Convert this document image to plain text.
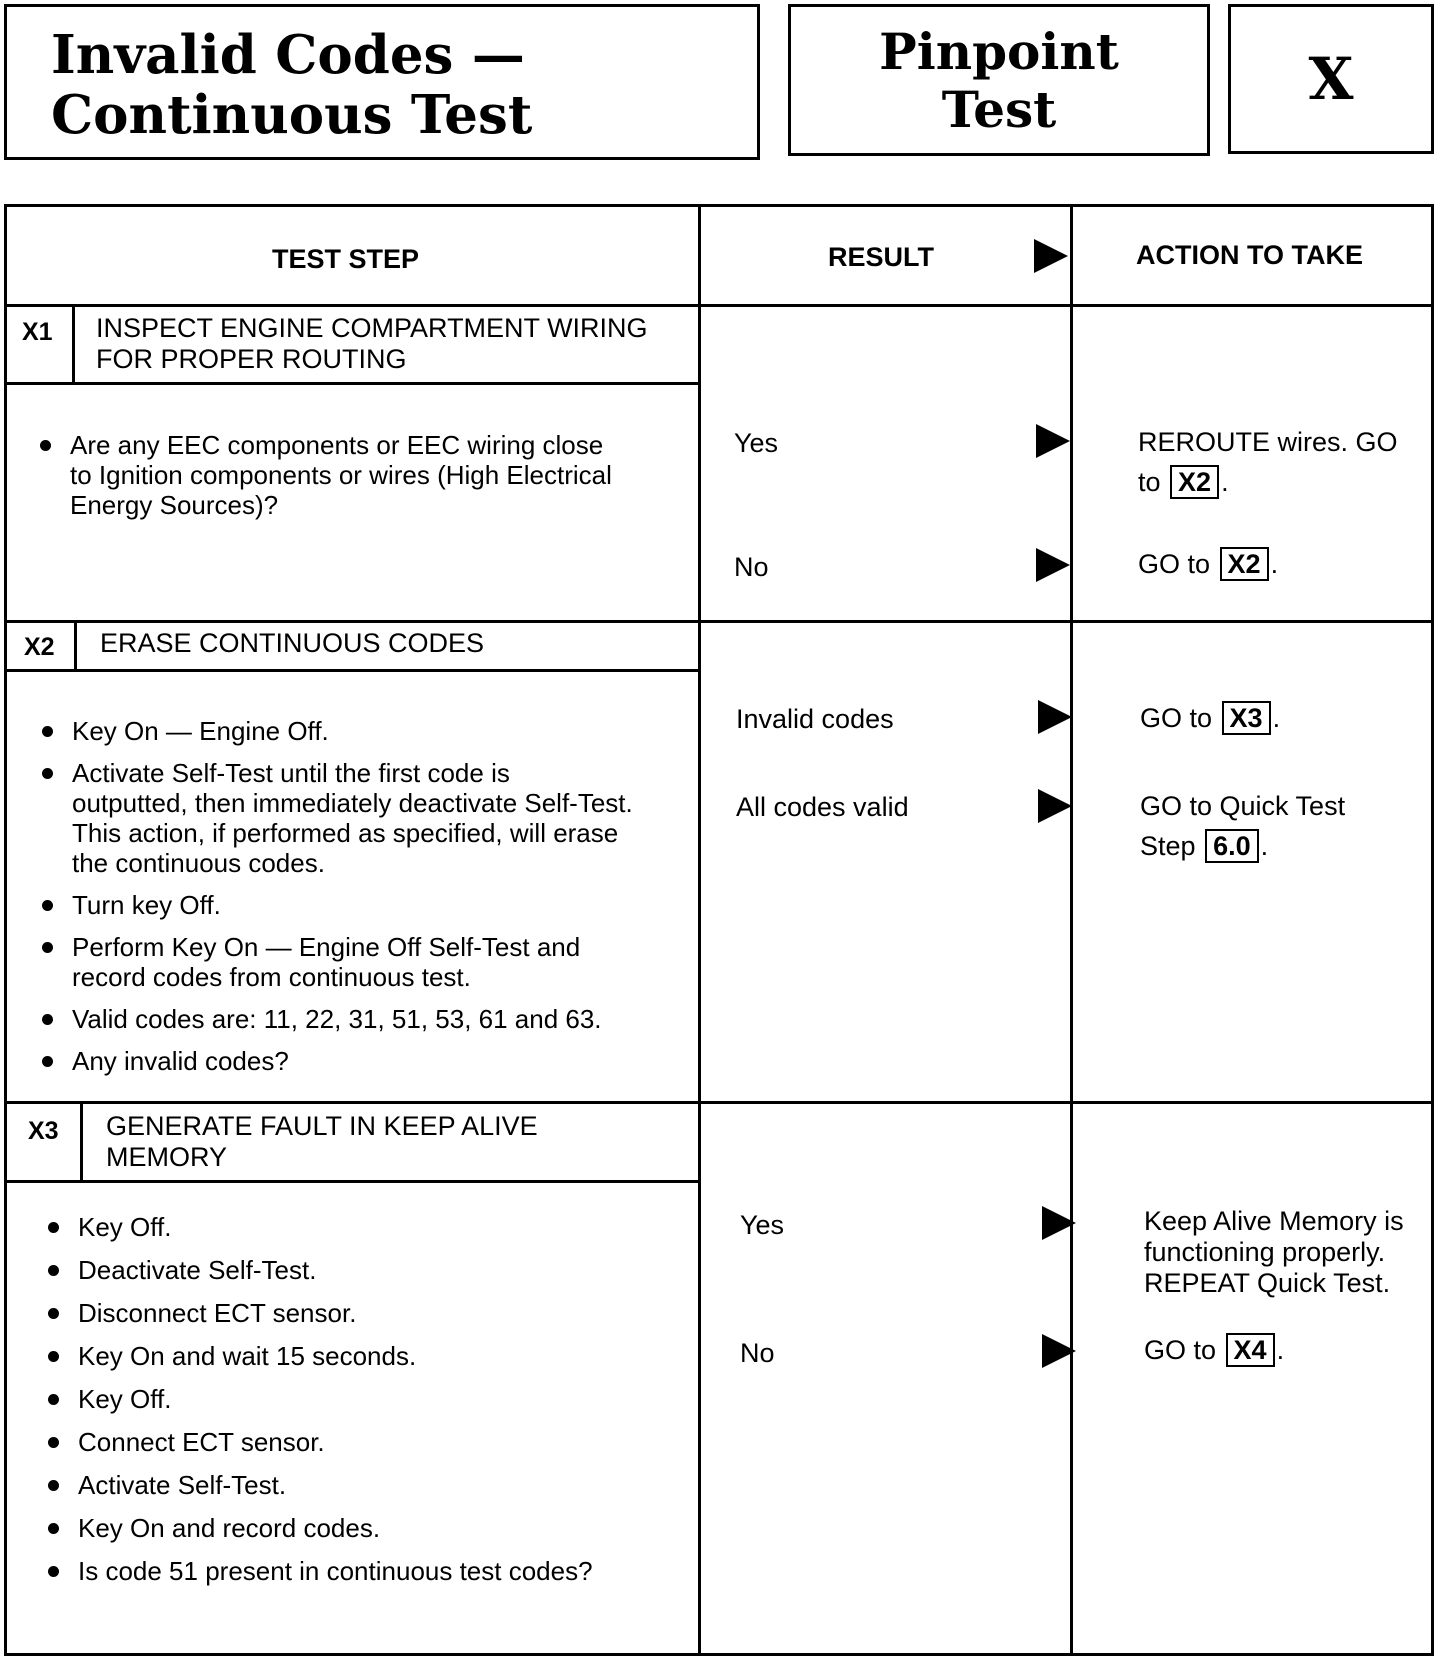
Invalid Codes —
Continuous Test
Pinpoint
Test	X
TEST STEP	RESULT	ACTION TO TAKE
X1 INSPECT ENGINE COMPARTMENT WIRING
FOR PROPER ROUTING
Are any EEC components or EEC wiring close
to Ignition components or wires (High Electrical
Energy Sources)?
Yes	REROUTE wires. GO
to X2 .
No	GO to X2 .
X2 ERASE CONTINUOUS CODES
Key On — Engine Off.
Activate Self-Test until the first code is
outputted, then immediately deactivate Self-Test.
This action, if performed as specified, will erase
the continuous codes.
Turn key Off.
Perform Key On — Engine Off Self-Test and
record codes from continuous test.
Valid codes are: 11, 22, 31, 51, 53, 61 and 63.
Any invalid codes?
Invalid codes	GO to X3 .
All codes valid	GO to Quick Test
Step 6.0 .
X3 GENERATE FAULT IN KEEP ALIVE
MEMORY
Key Off.
Deactivate Self-Test.
Disconnect ECT sensor.
Key On and wait 15 seconds.
Key Off.
Connect ECT sensor.
Activate Self-Test.
Key On and record codes.
Is code 51 present in continuous test codes?
Yes	Keep Alive Memory is
functioning properly.
REPEAT Quick Test.
No	GO to X4 .
